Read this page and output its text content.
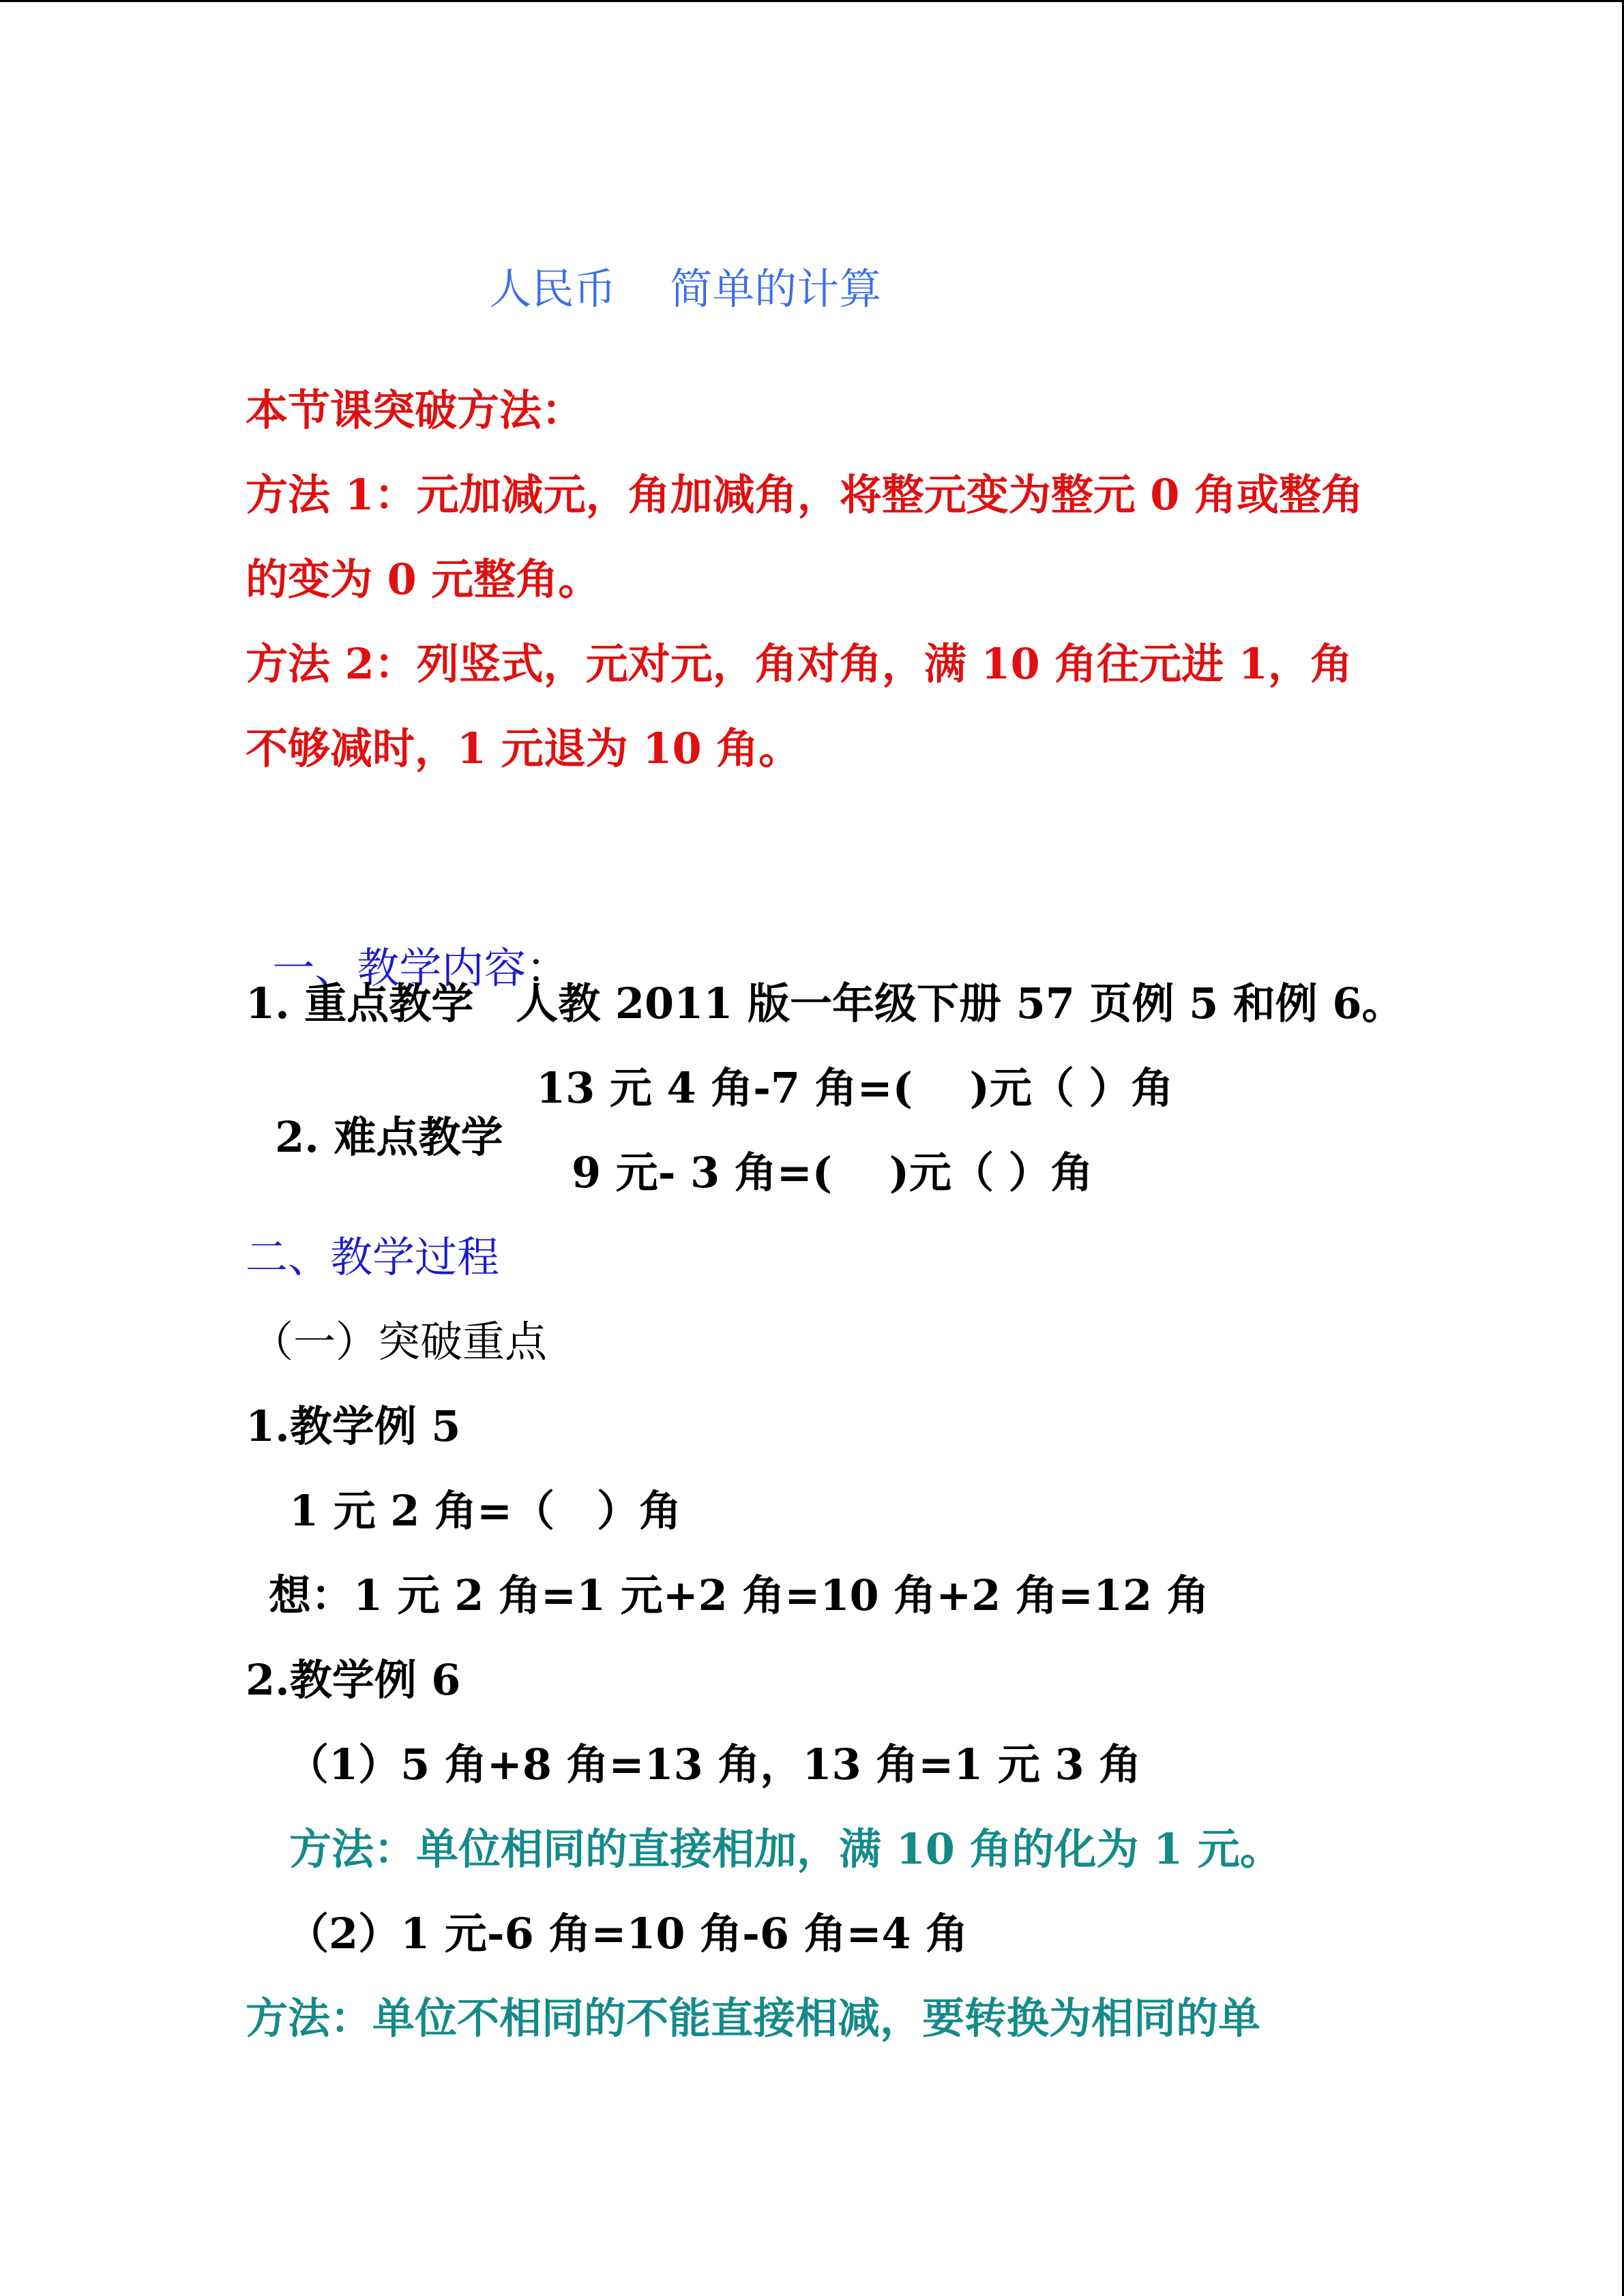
人民币 简单的计算

本节课突破方法：
方法 1：元加减元，角加减角，将整元变为整元 0 角或整角
的变为 0 元整角。
方法 2：列竖式，元对元，角对角，满 10 角往元进 1，角
不够减时，1 元退为 10 角。

一、教学内容：

1. 重点教学　人教 2011 版一年级下册 57 页例 5 和例 6。

2. 难点教学

13 元 4 角-7 角=(　 )元（ ）角
9 元- 3 角=(　 )元（ ）角
二、教学过程
（一）突破重点
1.教学例 5
1 元 2 角=（　）角
想：1 元 2 角=1 元+2 角=10 角+2 角=12 角
2.教学例 6
（1）5 角+8 角=13 角，13 角=1 元 3 角
方法：单位相同的直接相加，满 10 角的化为 1 元。
（2）1 元-6 角=10 角-6 角=4 角
方法：单位不相同的不能直接相减，要转换为相同的单
